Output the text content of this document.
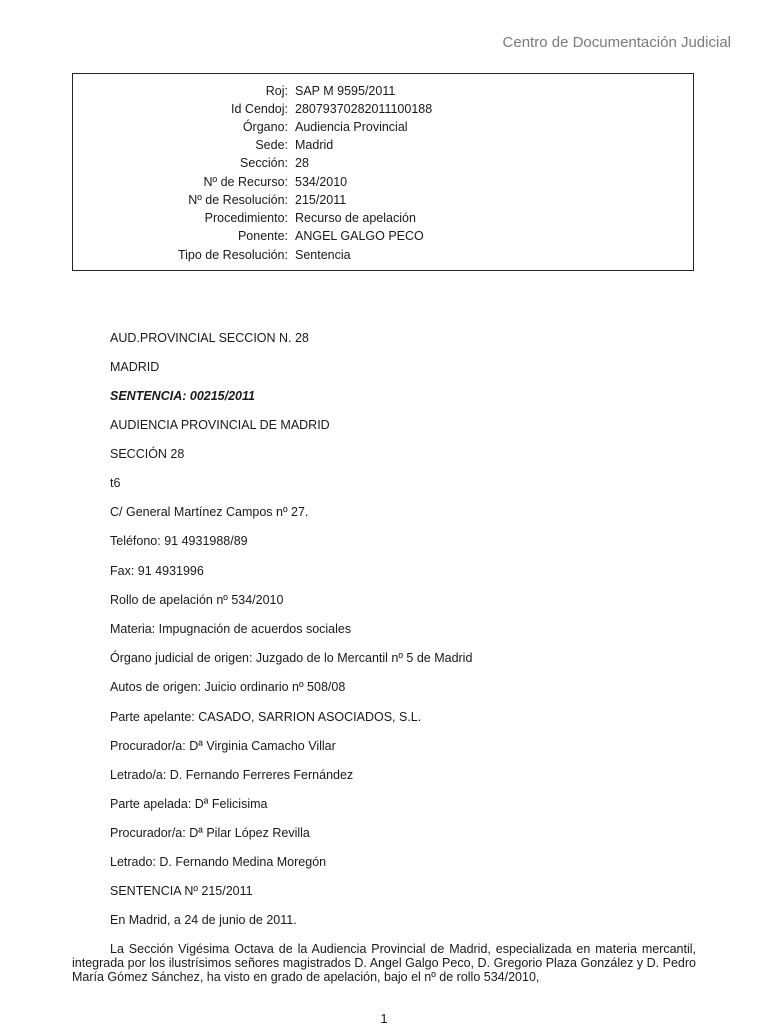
Centro de Documentación Judicial
Roj: SAP M 9595/2011
Id Cendoj: 28079370282011100188
Órgano: Audiencia Provincial
Sede: Madrid
Sección: 28
Nº de Recurso: 534/2010
Nº de Resolución: 215/2011
Procedimiento: Recurso de apelación
Ponente: ANGEL GALGO PECO
Tipo de Resolución: Sentencia
AUD.PROVINCIAL SECCION N. 28
MADRID
SENTENCIA: 00215/2011
AUDIENCIA PROVINCIAL DE MADRID
SECCIÓN 28
t6
C/ General Martínez Campos nº 27.
Teléfono: 91 4931988/89
Fax: 91 4931996
Rollo de apelación nº 534/2010
Materia: Impugnación de acuerdos sociales
Órgano judicial de origen: Juzgado de lo Mercantil nº 5 de Madrid
Autos de origen: Juicio ordinario nº 508/08
Parte apelante: CASADO, SARRION ASOCIADOS, S.L.
Procurador/a: Dª Virginia Camacho Villar
Letrado/a: D. Fernando Ferreres Fernández
Parte apelada: Dª Felicisima
Procurador/a: Dª Pilar López Revilla
Letrado: D. Fernando Medina Moregón
SENTENCIA Nº 215/2011
En Madrid, a 24 de junio de 2011.
La Sección Vigésima Octava de la Audiencia Provincial de Madrid, especializada en materia mercantil, integrada por los ilustrísimos señores magistrados D. Angel Galgo Peco, D. Gregorio Plaza González y D. Pedro María Gómez Sánchez, ha visto en grado de apelación, bajo el nº de rollo 534/2010,
1
